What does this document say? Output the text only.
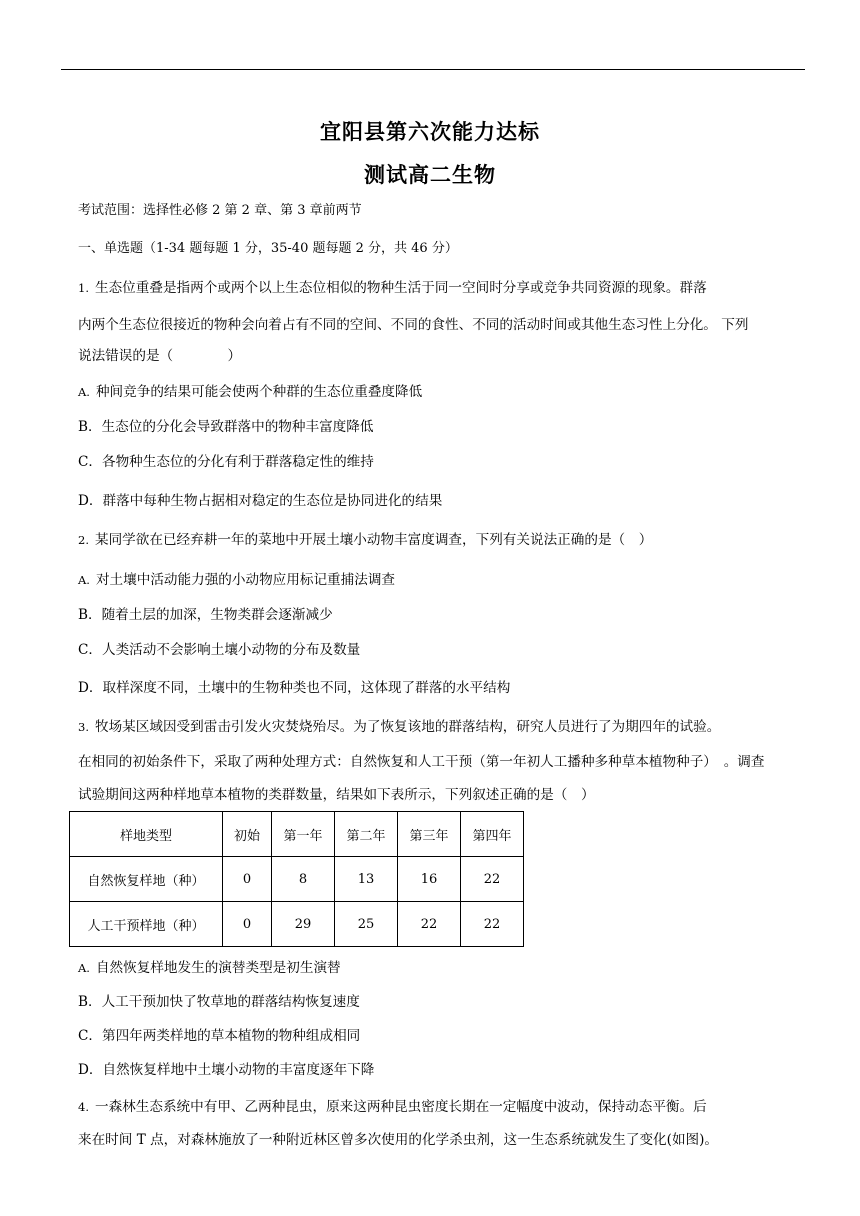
宜阳县第六次能力达标
测试高二生物
考试范围：选择性必修 2 第 2 章、第 3 章前两节
一、单选题（1-34 题每题 1 分，35-40 题每题 2 分，共 46 分）
1. 生态位重叠是指两个或两个以上生态位相似的物种生活于同一空间时分享或竞争共同资源的现象。群落
内两个生态位很接近的物种会向着占有不同的空间、不同的食性、不同的活动时间或其他生态习性上分化。 下列
说法错误的是（　　　　）
A. 种间竞争的结果可能会使两个种群的生态位重叠度降低
B．生态位的分化会导致群落中的物种丰富度降低
C．各物种生态位的分化有利于群落稳定性的维持
D．群落中每种生物占据相对稳定的生态位是协同进化的结果
2. 某同学欲在已经弃耕一年的菜地中开展土壤小动物丰富度调查，下列有关说法正确的是（　）
A. 对土壤中活动能力强的小动物应用标记重捕法调查
B．随着土层的加深，生物类群会逐渐减少
C．人类活动不会影响土壤小动物的分布及数量
D．取样深度不同，土壤中的生物种类也不同，这体现了群落的水平结构
3. 牧场某区域因受到雷击引发火灾焚烧殆尽。为了恢复该地的群落结构，研究人员进行了为期四年的试验。
在相同的初始条件下，采取了两种处理方式：自然恢复和人工干预（第一年初人工播种多种草本植物种子）　。调查
试验期间这两种样地草本植物的类群数量，结果如下表所示，下列叙述正确的是（　）
样地类型	初始	第一年	第二年	第三年	第四年
自然恢复样地（种）	0	8	13	16	22
人工干预样地（种）	0	29	25	22	22
A. 自然恢复样地发生的演替类型是初生演替
B．人工干预加快了牧草地的群落结构恢复速度
C．第四年两类样地的草本植物的物种组成相同
D．自然恢复样地中土壤小动物的丰富度逐年下降
4. 一森林生态系统中有甲、乙两种昆虫，原来这两种昆虫密度长期在一定幅度中波动，保持动态平衡。后
来在时间 T 点，对森林施放了一种附近林区曾多次使用的化学杀虫剂，这一生态系统就发生了变化(如图)。
